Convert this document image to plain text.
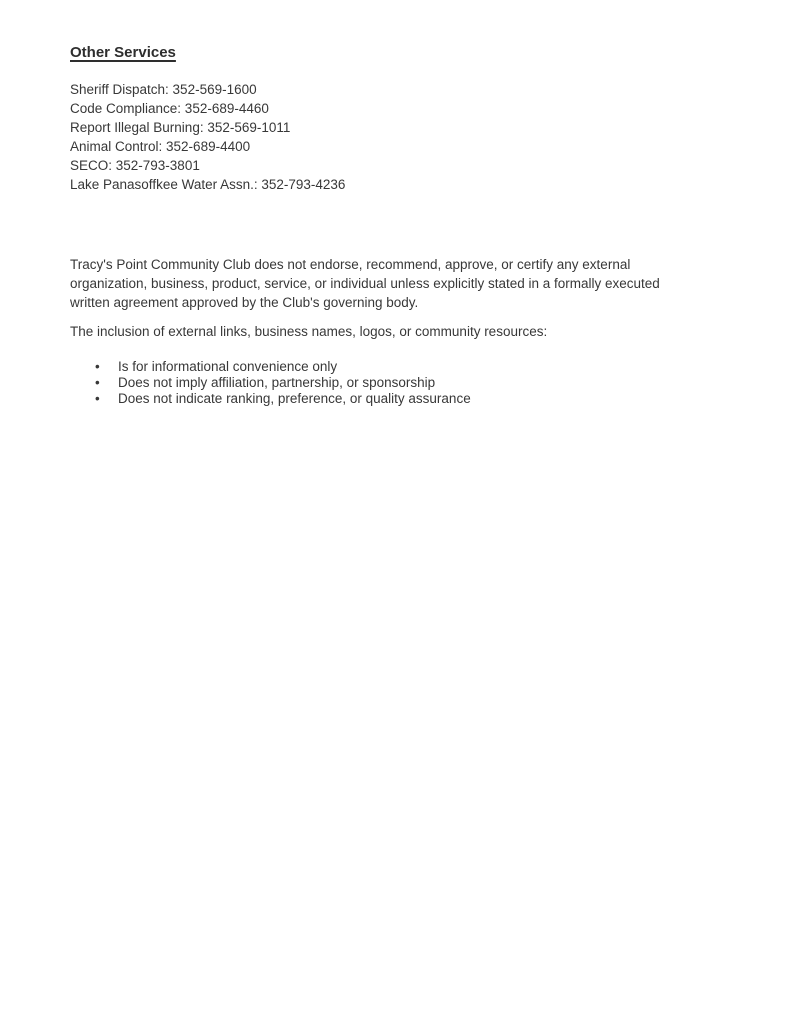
Other Services
Sheriff Dispatch: 352-569-1600
Code Compliance: 352-689-4460
Report Illegal Burning: 352-569-1011
Animal Control: 352-689-4400
SECO: 352-793-3801
Lake Panasoffkee Water Assn.: 352-793-4236

Tracy's Point Community Club does not endorse, recommend, approve, or certify any external
organization, business, product, service, or individual unless explicitly stated in a formally executed
written agreement approved by the Club's governing body.

The inclusion of external links, business names, logos, or community resources:

• Is for informational convenience only
• Does not imply affiliation, partnership, or sponsorship
• Does not indicate ranking, preference, or quality assurance
